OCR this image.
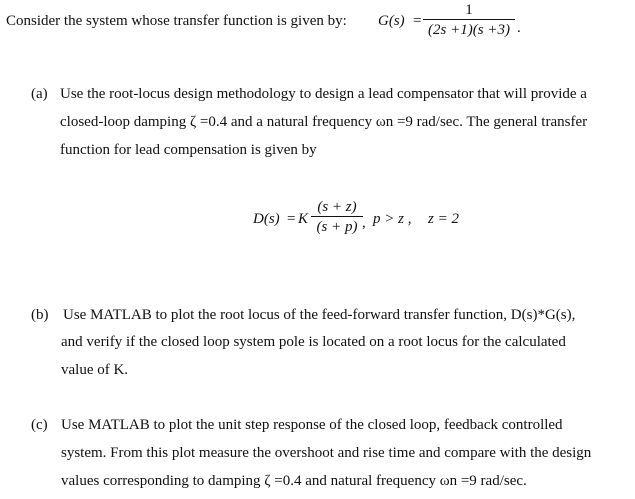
Consider the system whose transfer function is given by: $G(s) = \frac{1}{(2s +1)(s +3)}$ .
(a) Use the root-locus design methodology to design a lead compensator that will provide a
closed-loop damping ζ =0.4 and a natural frequency ωn =9 rad/sec. The general transfer
function for lead compensation is given by
D(s) = K $\frac{(s + z)}{(s + p)}$ , p > z , z = 2
(b) Use MATLAB to plot the root locus of the feed-forward transfer function, D(s)*G(s),
and verify if the closed loop system pole is located on a root locus for the calculated
value of K.
(c) Use MATLAB to plot the unit step response of the closed loop, feedback controlled
system. From this plot measure the overshoot and rise time and compare with the design
values corresponding to damping ζ =0.4 and natural frequency ωn =9 rad/sec.
